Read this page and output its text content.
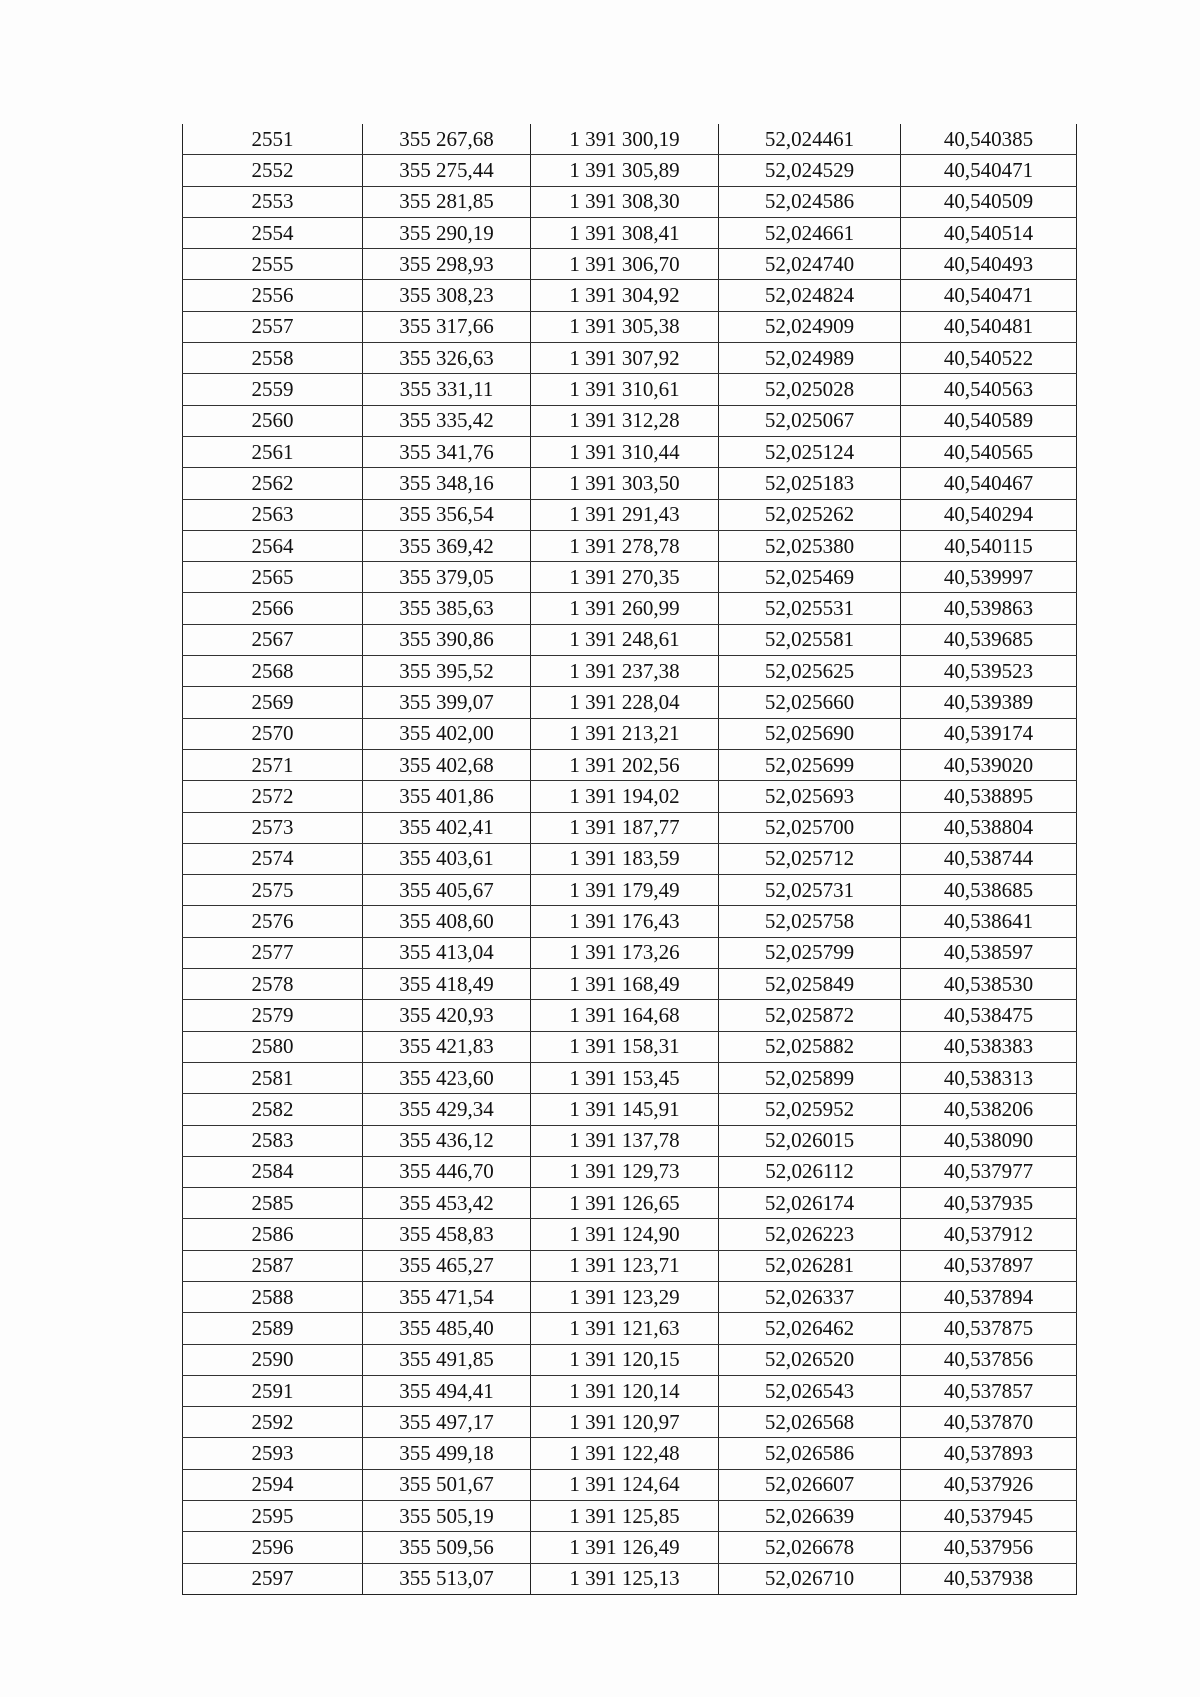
2551	355 267,68	1 391 300,19	52,024461	40,540385
2552	355 275,44	1 391 305,89	52,024529	40,540471
2553	355 281,85	1 391 308,30	52,024586	40,540509
2554	355 290,19	1 391 308,41	52,024661	40,540514
2555	355 298,93	1 391 306,70	52,024740	40,540493
2556	355 308,23	1 391 304,92	52,024824	40,540471
2557	355 317,66	1 391 305,38	52,024909	40,540481
2558	355 326,63	1 391 307,92	52,024989	40,540522
2559	355 331,11	1 391 310,61	52,025028	40,540563
2560	355 335,42	1 391 312,28	52,025067	40,540589
2561	355 341,76	1 391 310,44	52,025124	40,540565
2562	355 348,16	1 391 303,50	52,025183	40,540467
2563	355 356,54	1 391 291,43	52,025262	40,540294
2564	355 369,42	1 391 278,78	52,025380	40,540115
2565	355 379,05	1 391 270,35	52,025469	40,539997
2566	355 385,63	1 391 260,99	52,025531	40,539863
2567	355 390,86	1 391 248,61	52,025581	40,539685
2568	355 395,52	1 391 237,38	52,025625	40,539523
2569	355 399,07	1 391 228,04	52,025660	40,539389
2570	355 402,00	1 391 213,21	52,025690	40,539174
2571	355 402,68	1 391 202,56	52,025699	40,539020
2572	355 401,86	1 391 194,02	52,025693	40,538895
2573	355 402,41	1 391 187,77	52,025700	40,538804
2574	355 403,61	1 391 183,59	52,025712	40,538744
2575	355 405,67	1 391 179,49	52,025731	40,538685
2576	355 408,60	1 391 176,43	52,025758	40,538641
2577	355 413,04	1 391 173,26	52,025799	40,538597
2578	355 418,49	1 391 168,49	52,025849	40,538530
2579	355 420,93	1 391 164,68	52,025872	40,538475
2580	355 421,83	1 391 158,31	52,025882	40,538383
2581	355 423,60	1 391 153,45	52,025899	40,538313
2582	355 429,34	1 391 145,91	52,025952	40,538206
2583	355 436,12	1 391 137,78	52,026015	40,538090
2584	355 446,70	1 391 129,73	52,026112	40,537977
2585	355 453,42	1 391 126,65	52,026174	40,537935
2586	355 458,83	1 391 124,90	52,026223	40,537912
2587	355 465,27	1 391 123,71	52,026281	40,537897
2588	355 471,54	1 391 123,29	52,026337	40,537894
2589	355 485,40	1 391 121,63	52,026462	40,537875
2590	355 491,85	1 391 120,15	52,026520	40,537856
2591	355 494,41	1 391 120,14	52,026543	40,537857
2592	355 497,17	1 391 120,97	52,026568	40,537870
2593	355 499,18	1 391 122,48	52,026586	40,537893
2594	355 501,67	1 391 124,64	52,026607	40,537926
2595	355 505,19	1 391 125,85	52,026639	40,537945
2596	355 509,56	1 391 126,49	52,026678	40,537956
2597	355 513,07	1 391 125,13	52,026710	40,537938
